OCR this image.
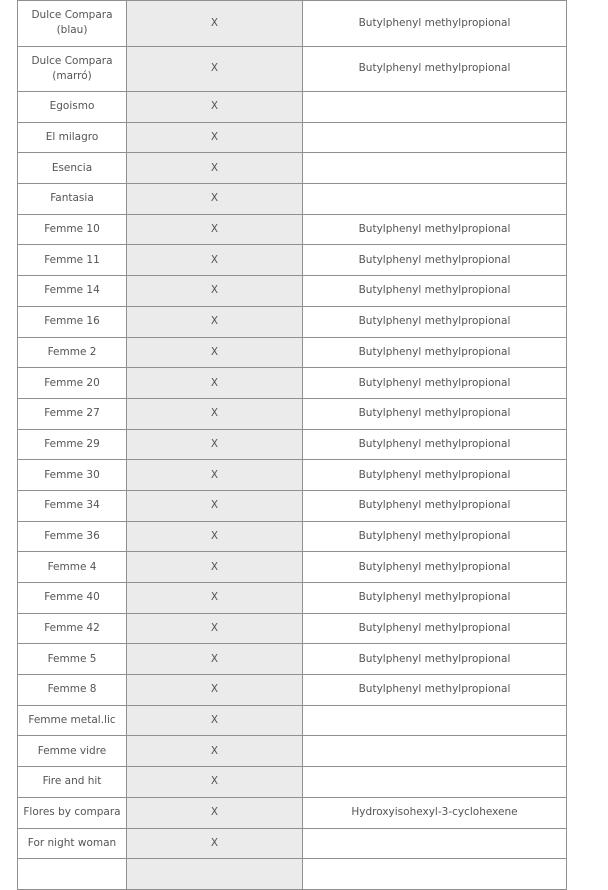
Dulce Compara (blau)	X	Butylphenyl methylpropional
Dulce Compara (marró)	X	Butylphenyl methylpropional
Egoismo	X	
El milagro	X	
Esencia	X	
Fantasia	X	
Femme 10	X	Butylphenyl methylpropional
Femme 11	X	Butylphenyl methylpropional
Femme 14	X	Butylphenyl methylpropional
Femme 16	X	Butylphenyl methylpropional
Femme 2	X	Butylphenyl methylpropional
Femme 20	X	Butylphenyl methylpropional
Femme 27	X	Butylphenyl methylpropional
Femme 29	X	Butylphenyl methylpropional
Femme 30	X	Butylphenyl methylpropional
Femme 34	X	Butylphenyl methylpropional
Femme 36	X	Butylphenyl methylpropional
Femme 4	X	Butylphenyl methylpropional
Femme 40	X	Butylphenyl methylpropional
Femme 42	X	Butylphenyl methylpropional
Femme 5	X	Butylphenyl methylpropional
Femme 8	X	Butylphenyl methylpropional
Femme metal.lic	X	
Femme vidre	X	
Fire and hit	X	
Flores by compara	X	Hydroxyisohexyl-3-cyclohexene
For night woman	X	
